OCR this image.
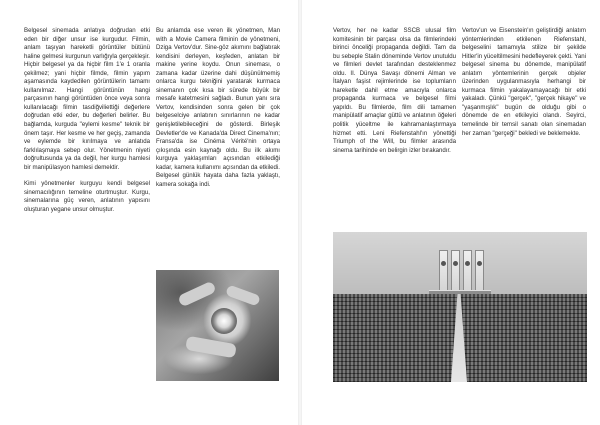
Belgesel sinemada anlatıya doğrudan etki eden bir diğer unsur ise kurgudur. Filmin, anlam taşıyan hareketli görüntüler bütünü haline gelmesi kurgunun varlığıyla gerçekleşir. Hiçbir belgesel ya da hiçbir film 1'e 1 oranla çekilmez; yani hiçbir filmde, filmin yapım aşamasında kaydedilen görüntülerin tamamı kullanılmaz. Hangi görüntünün hangi parçasının hangi görüntüden önce veya sonra kullanılacağı filmin tasdiğviliettiği değerlere doğrudan etki eder, bu değerleri belirler. Bu bağlamda, kurguda "eylemi kesme" teknik bir önem taşır. Her kesme ve her geçiş, zamanda ve eylemde bir kırılmaya ve anlatıda farklılaşmaya sebep olur. Yönetmenin niyeti doğrultusunda ya da değil, her kurgu hamlesi bir manipülasyon hamlesi demektir.

Kimi yönetmenler kurguyu kendi belgesel sinemacılığının temeline oturtmuştur. Kurgu, sinemalarına güç veren, anlatının yapısını oluşturan yegane unsur olmuştur.

Bu anlamda ese veren ilk yönetmen, Man with a Movie Camera filminin de yönetmeni, Dziga Vertov'dur. Sine-göz akımını bağlatırak kendisini derleyen, keşfeden, anlatan bir makine yerine koydu. Onun sineması, o zamana kadar üzerine dahi düşünülmemiş onlarca kurgu tekniğini yaratarak kurmaca sinemanın çok kısa bir sürede büyük bir mesafe katetmesini sağladı. Bunun yanı sıra Vertov, kendisinden sonra gelen bir çok belgeselciye anlatının sınırlarının ne kadar genişletilebileceğini de gösterdi. Birleşik Devletler'de ve Kanada'da Direct Cinema'nın; Fransa'da ise Cinéma Vérité'nin ortaya çıkışında esin kaynağı oldu. Bu ilk akımı kurguya yaklaşımları açısından etkilediği kadar, kamera kullanımı açısından da etkiledi. Belgesel günlük hayata daha fazla yaklaştı, kamera sokağa indi.

Vertov, her ne kadar SSCB ulusal film komitesinin bir parçası olsa da filmlerindeki birinci önceliği propaganda değildi. Tam da bu sebeple Stalin döneminde Vertov unutuldu ve filmleri devlet tarafından desteklenmez oldu. II. Dünya Savaşı dönemi Alman ve İtalyan faşist rejimlerinde ise toplumların hareketle dahil etme amacıyla onlarca propaganda kurmaca ve belgesel filmi yapıldı. Bu filmlerde, film dili tamamen manipülatif amaçlar güttü ve anlatının öğeleri politik yüceltme ile kahramanlaştırmaya hizmet etti. Leni Riefenstahl'ın yönettiği Triumph of the Will, bu filmler arasında sinema tarihinde en belirgin izler bırakandır.

Vertov'un ve Eisenstein'ın geliştirdiği anlatım yöntemlerinden etkilenen Riefenstahl, belgeselini tamamıyla stilize bir şekilde Hitler'in yüceltilmesini hedefleyerek çekti. Yani belgesel sinema bu dönemde, manipülatif anlatım yöntemlerinin gerçek objeler üzerinden uygulanmasıyla herhangi bir kurmaca filmin yakalayamayacağı bir etki yakaladı. Çünkü "gerçek", "gerçek hikaye" ve "yaşanmışlık" bugün de olduğu gibi o dönemde de en etkileyici olandı. Seyirci, temelinde bir temsil sanatı olan sinemadan her zaman "gerçeği" bekledi ve beklemekte.
